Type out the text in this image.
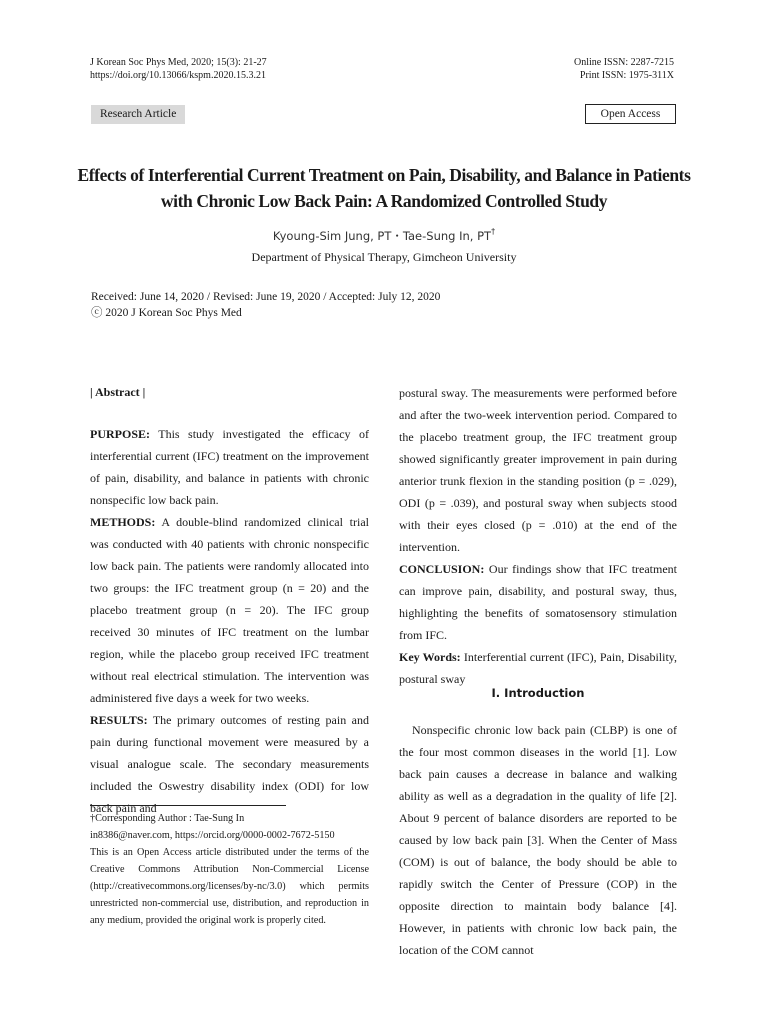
J Korean Soc Phys Med, 2020; 15(3): 21-27
https://doi.org/10.13066/kspm.2020.15.3.21
Online ISSN: 2287-7215
Print ISSN: 1975-311X
Research Article	Open Access
Effects of Interferential Current Treatment on Pain, Disability, and Balance in Patients
with Chronic Low Back Pain: A Randomized Controlled Study
Kyoung-Sim Jung, PT・Tae-Sung In, PT†
Department of Physical Therapy, Gimcheon University
Received: June 14, 2020 / Revised: June 19, 2020 / Accepted: July 12, 2020
ⓒ 2020 J Korean Soc Phys Med
| Abstract |

PURPOSE: This study investigated the efficacy of interferential current (IFC) treatment on the improvement of pain, disability, and balance in patients with chronic nonspecific low back pain.

METHODS: A double-blind randomized clinical trial was conducted with 40 patients with chronic nonspecific low back pain. The patients were randomly allocated into two groups: the IFC treatment group (n = 20) and the placebo treatment group (n = 20). The IFC group received 30 minutes of IFC treatment on the lumbar region, while the placebo group received IFC treatment without real electrical stimulation. The intervention was administered five days a week for two weeks.

RESULTS: The primary outcomes of resting pain and pain during functional movement were measured by a visual analogue scale. The secondary measurements included the Oswestry disability index (ODI) for low back pain and

postural sway. The measurements were performed before and after the two-week intervention period. Compared to the placebo treatment group, the IFC treatment group showed significantly greater improvement in pain during anterior trunk flexion in the standing position (p = .029), ODI (p = .039), and postural sway when subjects stood with their eyes closed (p = .010) at the end of the intervention.

CONCLUSION: Our findings show that IFC treatment can improve pain, disability, and postural sway, thus, highlighting the benefits of somatosensory stimulation from IFC.

Key Words: Interferential current (IFC), Pain, Disability, postural sway

Ⅰ. Introduction

Nonspecific chronic low back pain (CLBP) is one of the four most common diseases in the world [1]. Low back pain causes a decrease in balance and walking ability as well as a degradation in the quality of life [2]. About 9 percent of balance disorders are reported to be caused by low back pain [3]. When the Center of Mass (COM) is out of balance, the body should be able to rapidly switch the Center of Pressure (COP) in the opposite direction to maintain body balance [4]. However, in patients with chronic low back pain, the location of the COM cannot

†Corresponding Author : Tae-Sung In

in8386@naver.com, https://orcid.org/0000-0002-7672-5150

This is an Open Access article distributed under the terms of the Creative Commons Attribution Non-Commercial License (http://creativecommons.org/licenses/by-nc/3.0) which permits unrestricted non-commercial use, distribution, and reproduction in any medium, provided the original work is properly cited.
